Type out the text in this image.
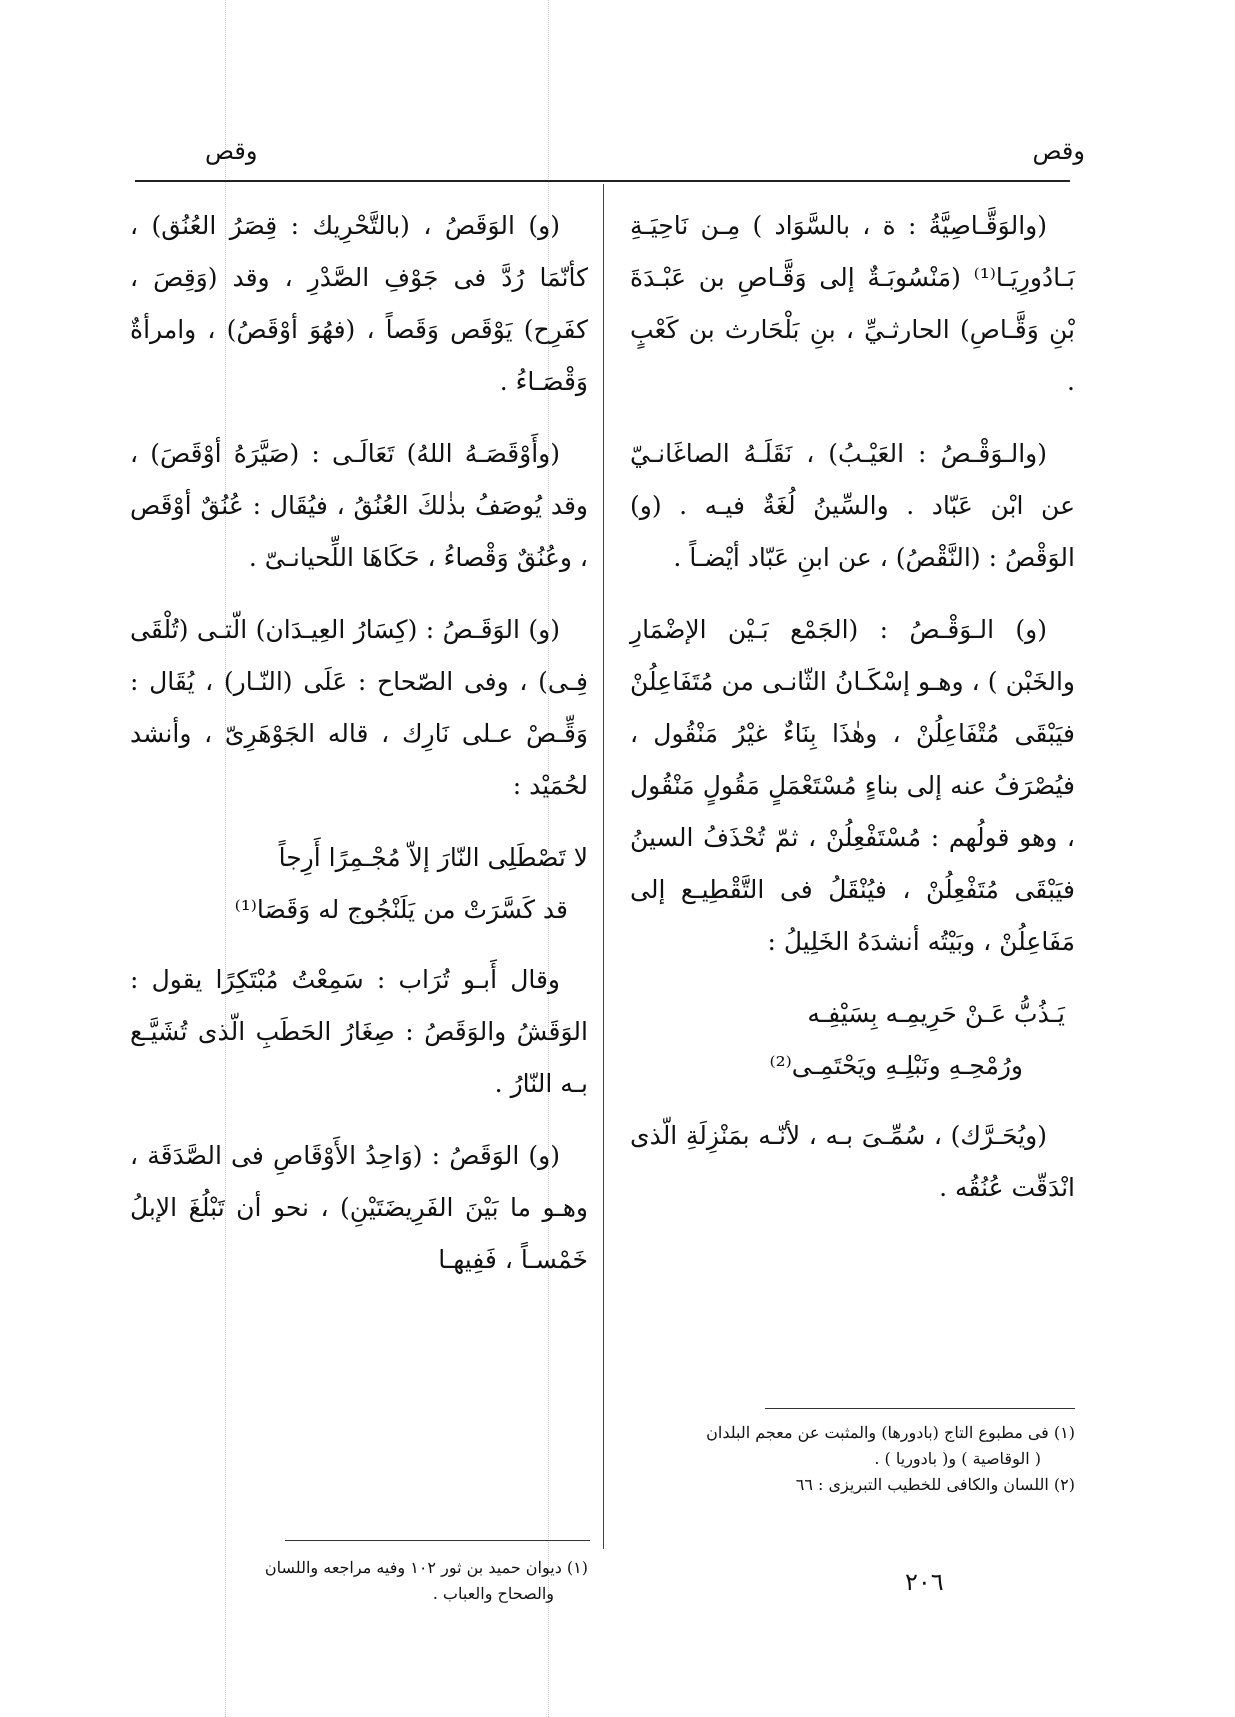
وقص
وقص

(والوَقَّـاصِيَّةُ : ة ، بالسَّوَاد ) مِـن نَاحِيَـةِ بَـادُورِيَـا⁽¹⁾ (مَنْسُوبَـةٌ إلى وَقَّـاصِ بن عَبْـدَةَ بْنِ وَقَّـاصِ) الحارثـيِّ ، بنِ بَلْحَارث بن كَعْبٍ .

(والـوَقْـصُ : العَيْـبُ) ، نَقَلَـهُ الصاغَانـيّ عن ابْن عَبّاد . والسِّينُ لُغَةٌ فيـه . (و) الوَقْصُ : (النَّقْصُ) ، عن ابنِ عَبّاد أيْضـاً .

(و) الـوَقْـصُ : (الجَمْع بَـيْن الإضْمَارِ والخَبْن ) ، وهـو إسْكَـانُ الثّانـى من مُتَفَاعِلُنْ فيَبْقَى مُتْفَاعِلُنْ ، وهٰذَا بِنَاءٌ غيْرُ مَنْقُول ، فيُصْرَفُ عنه إلى بناءٍ مُسْتَعْمَلٍ مَقُولٍ مَنْقُول ، وهو قولُهم : مُسْتَفْعِلُنْ ، ثمّ تُحْذَفُ السينُ فيَبْقَى مُتَفْعِلُنْ ، فيُنْقَلُ فى التَّقْطِيـع إلى مَفَاعِلُنْ ، وبَيْتُه أنشدَهُ الخَلِيلُ :

يَـذُبُّ عَـنْ حَرِيمِـه بِسَيْفِـه
ورُمْحِـهِ ونَبْلِـهِ ويَحْتَمِـى⁽²⁾

(ويُحَـرَّك) ، سُمِّـىَ بـه ، لأنّـه بمَنْزِلَةِ الّذى انْدَقّت عُنُقُه .

(و) الوَقَصُ ، (بالتَّحْرِيك : قِصَرُ العُنُق) ، كأنّمَا رُدَّ فى جَوْفِ الصَّدْرِ ، وقد (وَقِصَ ، كفَرِح) يَوْقَص وَقَصاً ، (فهُوَ أوْقَصُ) ، وامرأةٌ وَقْصَـاءُ .

(وأَوْقَصَـهُ اللهُ) تَعَالَـى : (صَيَّرَهُ أوْقَصَ) ، وقد يُوصَفُ بذٰلكَ العُنُقُ ، فيُقَال : عُنُقٌ أوْقَص ، وعُنُقٌ وَقْصاءُ ، حَكَاهَا اللِّحيانـىّ .

(و) الوَقَـصُ : (كِسَارُ العِيـدَان) الّتـى (تُلْقَى فِـى) ، وفى الصّحاح : عَلَى (النّـار) ، يُقَال : وَقِّـصْ عـلى نَارِك ، قاله الجَوْهَرِىّ ، وأنشد لحُمَيْد :

لا تَصْطَلِى النّارَ إلاّ مُجْـمِرًا أَرِجاً
قد كَسَّرَتْ من يَلَنْجُوج له وَقَصَا⁽¹⁾

وقال أَبـو تُرَاب : سَمِعْتُ مُبْتَكِرًا يقول : الوَقَشُ والوَقَصُ : صِغَارُ الحَطَبِ الّذى تُشَيَّـع بـه النّارُ .

(و) الوَقَصُ : (وَاحِدُ الأَوْقَاصِ فى الصَّدَقَة ، وهـو ما بَيْنَ الفَرِيضَتَيْنِ) ، نحو أن تَبْلُغَ الإبلُ خَمْسـاً ، فَفِيهـا

(١) فى مطبوع التاج (بادورها) والمثبت عن معجم البلدان
( الوقاصية ) و( بادوريا ) .
(٢) اللسان والكافى للخطيب التبريزى : ٦٦
(١) ديوان حميد بن ثور ١٠٢ وفيه مراجعه واللسان
والصحاح والعباب .	٢٠٦
